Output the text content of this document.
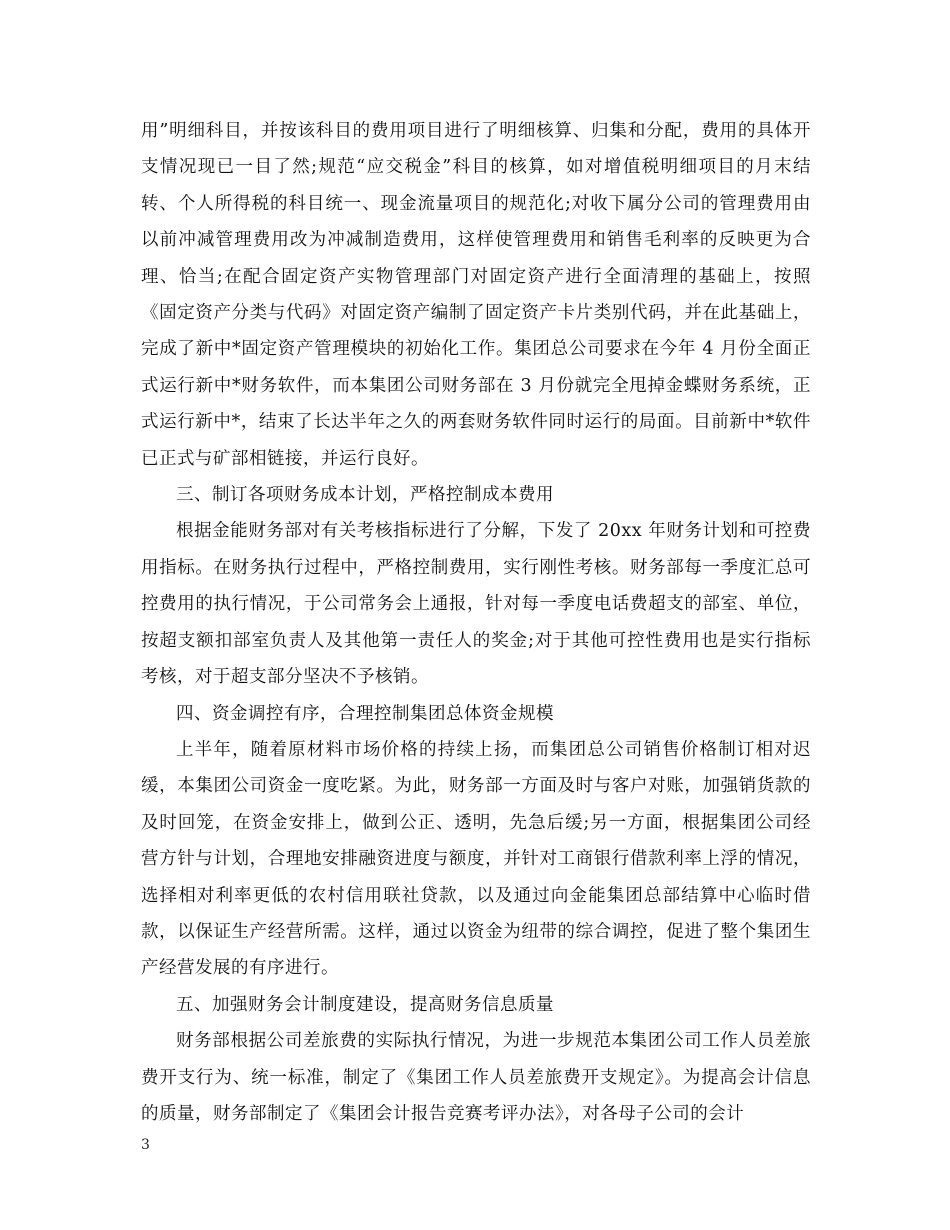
用”明细科目，并按该科目的费用项目进行了明细核算、归集和分配，费用的具体开支情况现已一目了然;规范“应交税金”科目的核算，如对增值税明细项目的月末结转、个人所得税的科目统一、现金流量项目的规范化;对收下属分公司的管理费用由以前冲减管理费用改为冲减制造费用，这样使管理费用和销售毛利率的反映更为合理、恰当;在配合固定资产实物管理部门对固定资产进行全面清理的基础上，按照《固定资产分类与代码》对固定资产编制了固定资产卡片类别代码，并在此基础上，完成了新中*固定资产管理模块的初始化工作。集团总公司要求在今年 4 月份全面正式运行新中*财务软件，而本集团公司财务部在 3 月份就完全甩掉金蝶财务系统，正式运行新中*，结束了长达半年之久的两套财务软件同时运行的局面。目前新中*软件已正式与矿部相链接，并运行良好。

三、制订各项财务成本计划，严格控制成本费用

根据金能财务部对有关考核指标进行了分解，下发了 20xx 年财务计划和可控费用指标。在财务执行过程中，严格控制费用，实行刚性考核。财务部每一季度汇总可控费用的执行情况，于公司常务会上通报，针对每一季度电话费超支的部室、单位，按超支额扣部室负责人及其他第一责任人的奖金;对于其他可控性费用也是实行指标考核，对于超支部分坚决不予核销。

四、资金调控有序，合理控制集团总体资金规模

上半年，随着原材料市场价格的持续上扬，而集团总公司销售价格制订相对迟缓，本集团公司资金一度吃紧。为此，财务部一方面及时与客户对账，加强销货款的及时回笼，在资金安排上，做到公正、透明，先急后缓;另一方面，根据集团公司经营方针与计划，合理地安排融资进度与额度，并针对工商银行借款利率上浮的情况，选择相对利率更低的农村信用联社贷款，以及通过向金能集团总部结算中心临时借款，以保证生产经营所需。这样，通过以资金为纽带的综合调控，促进了整个集团生产经营发展的有序进行。

五、加强财务会计制度建设，提高财务信息质量

财务部根据公司差旅费的实际执行情况，为进一步规范本集团公司工作人员差旅费开支行为、统一标准，制定了《集团工作人员差旅费开支规定》。为提高会计信息的质量，财务部制定了《集团会计报告竞赛考评办法》，对各母子公司的会计

3
